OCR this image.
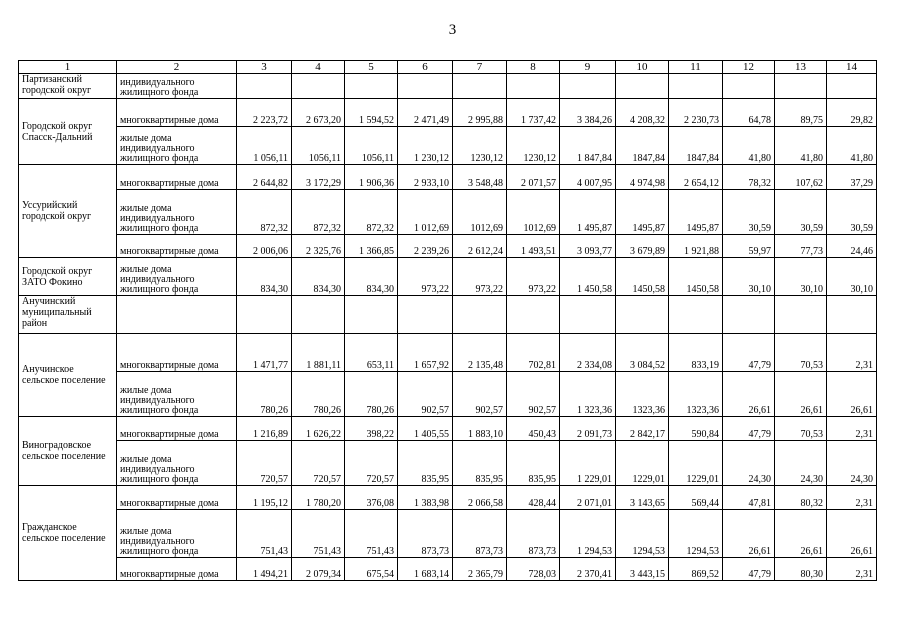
3
1	2	3	4	5	6	7	8	9	10	11	12	13	14
Партизанский городской округ	индивидуального жилищного фонда												
Городской округ Спасск-Дальний	многоквартирные дома	2 223,72	2 673,20	1 594,52	2 471,49	2 995,88	1 737,42	3 384,26	4 208,32	2 230,73	64,78	89,75	29,82
	жилые дома индивидуального жилищного фонда	1 056,11	1056,11	1056,11	1 230,12	1230,12	1230,12	1 847,84	1847,84	1847,84	41,80	41,80	41,80
Уссурийский городской округ	многоквартирные дома	2 644,82	3 172,29	1 906,36	2 933,10	3 548,48	2 071,57	4 007,95	4 974,98	2 654,12	78,32	107,62	37,29
	жилые дома индивидуального жилищного фонда	872,32	872,32	872,32	1 012,69	1012,69	1012,69	1 495,87	1495,87	1495,87	30,59	30,59	30,59
	многоквартирные дома	2 006,06	2 325,76	1 366,85	2 239,26	2 612,24	1 493,51	3 093,77	3 679,89	1 921,88	59,97	77,73	24,46
Городской округ ЗАТО Фокино	жилые дома индивидуального жилищного фонда	834,30	834,30	834,30	973,22	973,22	973,22	1 450,58	1450,58	1450,58	30,10	30,10	30,10
Анучинский муниципальный район													
Анучинское сельское поселение	многоквартирные дома	1 471,77	1 881,11	653,11	1 657,92	2 135,48	702,81	2 334,08	3 084,52	833,19	47,79	70,53	2,31
	жилые дома индивидуального жилищного фонда	780,26	780,26	780,26	902,57	902,57	902,57	1 323,36	1323,36	1323,36	26,61	26,61	26,61
Виноградовское сельское поселение	многоквартирные дома	1 216,89	1 626,22	398,22	1 405,55	1 883,10	450,43	2 091,73	2 842,17	590,84	47,79	70,53	2,31
	жилые дома индивидуального жилищного фонда	720,57	720,57	720,57	835,95	835,95	835,95	1 229,01	1229,01	1229,01	24,30	24,30	24,30
Гражданское сельское поселение	многоквартирные дома	1 195,12	1 780,20	376,08	1 383,98	2 066,58	428,44	2 071,01	3 143,65	569,44	47,81	80,32	2,31
	жилые дома индивидуального жилищного фонда	751,43	751,43	751,43	873,73	873,73	873,73	1 294,53	1294,53	1294,53	26,61	26,61	26,61
	многоквартирные дома	1 494,21	2 079,34	675,54	1 683,14	2 365,79	728,03	2 370,41	3 443,15	869,52	47,79	80,30	2,31
